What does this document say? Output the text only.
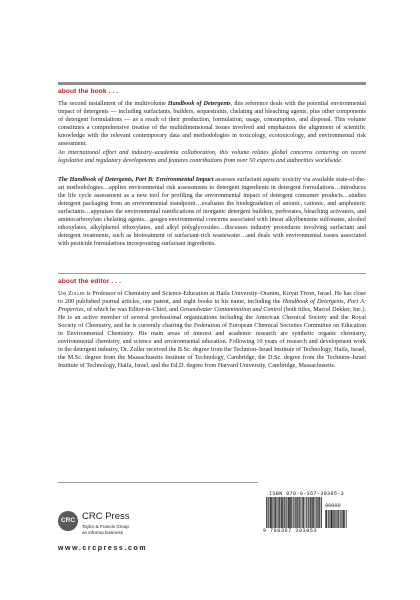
about the book . . .

The second installment of the multivolume Handbook of Detergents, this reference deals with the potential environmental impact of detergents — including surfactants, builders, sequestrants, chelating and bleaching agents, plus other components of detergent formulations — as a result of their production, formulation, usage, consumption, and disposal. This volume constitutes a comprehensive treatise of the multidimensional issues involved and emphasizes the alignment of scientific knowledge with the relevant contemporary data and methodologies in toxicology, ecotoxicology, and environmental risk assessment.

An international effort and industry–academia collaboration, this volume relates global concerns centering on recent legislative and regulatory developments and features contributions from over 50 experts and authorities worldwide.

The Handbook of Detergents, Part B: Environmental Impact assesses surfactant aquatic toxicity via available state-of-the-art methodologies…applies environmental risk assessments to detergent ingredients in detergent formulations…introduces the life cycle assessment as a new tool for profiling the environmental impact of detergent consumer products…studies detergent packaging from an environmental standpoint…evaluates the biodegradation of anionic, cationic, and amphoteric surfactants…appraises the environmental ramifications of inorganic detergent builders, perborates, bleaching activators, and aminocarboxylate chelating agents…gauges environmental concerns associated with linear alkylbenzene sulfonates, alcohol ethoxylates, alkylphenol ethoxylates, and alkyl polyglycosides…discusses industry procedures involving surfactant and detergent treatments, such as biotreatment of surfactant-rich wastewater…and deals with environmental issues associated with pesticide formulations incorporating surfactant ingredients.

about the editor . . .

Uri Zoller is Professor of Chemistry and Science-Education at Haifa University–Oranim, Kiryat Tivon, Israel. He has close to 200 published journal articles, one patent, and eight books to his name, including the Handbook of Detergents, Part A: Properties, of which he was Editor-in-Chief, and Groundwater Contamination and Control (both titles, Marcel Dekker, Inc.). He is an active member of several professional organizations including the American Chemical Society and the Royal Society of Chemistry, and he is currently chairing the Federation of European Chemical Societies Committee on Education in Environmental Chemistry. His main areas of interest and academic research are synthetic organic chemistry, environmental chemistry, and science and environmental education. Following 10 years of research and development work in the detergent industry, Dr. Zoller received the B.Sc. degree from the Technion–Israel Institute of Technology, Haifa, Israel, the M.Sc. degree from the Massachusetts Institute of Technology, Cambridge, the D.Sc. degree from the Technion–Israel Institute of Technology, Haifa, Israel, and the Ed.D. degree from Harvard University, Cambridge, Massachusetts.

CRC CRC Press
Taylor & Francis Group
an informa business
www.crcpress.com
ISBN 978-0-367-39395-3
90000
9 780367 393953
